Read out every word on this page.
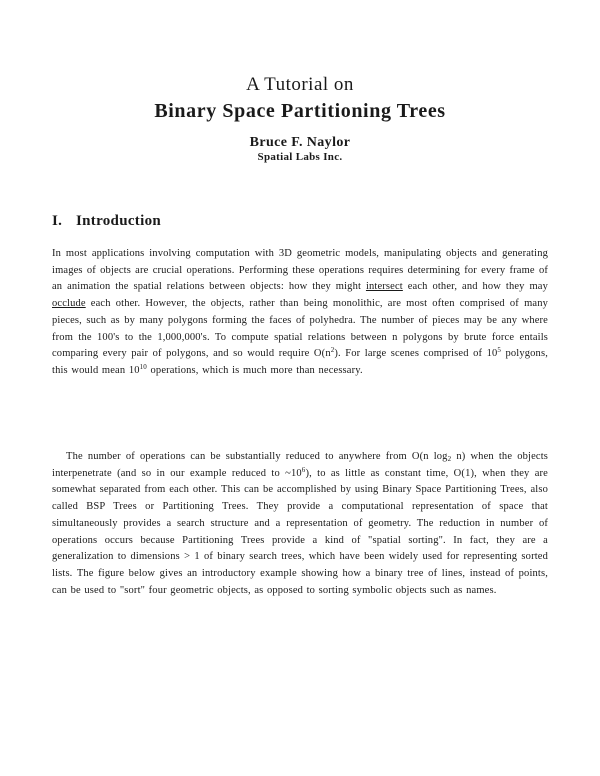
A Tutorial on
Binary Space Partitioning Trees
Bruce F. Naylor
Spatial Labs Inc.
I. Introduction
In most applications involving computation with 3D geometric models, manipulating objects and generating images of objects are crucial operations. Performing these operations requires determining for every frame of an animation the spatial relations between objects: how they might intersect each other, and how they may occlude each other. However, the objects, rather than being monolithic, are most often comprised of many pieces, such as by many polygons forming the faces of polyhedra. The number of pieces may be any where from the 100's to the 1,000,000's. To compute spatial relations between n polygons by brute force entails comparing every pair of polygons, and so would require $O(n^2)$. For large scenes comprised of $10^5$ polygons, this would mean $10^{10}$ operations, which is much more than necessary.
The number of operations can be substantially reduced to anywhere from O(n $\log_2 n$) when the objects interpenetrate (and so in our example reduced to $\sim 10^6$), to as little as constant time, O(1), when they are somewhat separated from each other. This can be accomplished by using Binary Space Partitioning Trees, also called BSP Trees or Partitioning Trees. They provide a computational representation of space that simultaneously provides a search structure and a representation of geometry. The reduction in number of operations occurs because Partitioning Trees provide a kind of "spatial sorting". In fact, they are a generalization to dimensions > 1 of binary search trees, which have been widely used for representing sorted lists. The figure below gives an introductory example showing how a binary tree of lines, instead of points, can be used to "sort" four geometric objects, as opposed to sorting symbolic objects such as names.
